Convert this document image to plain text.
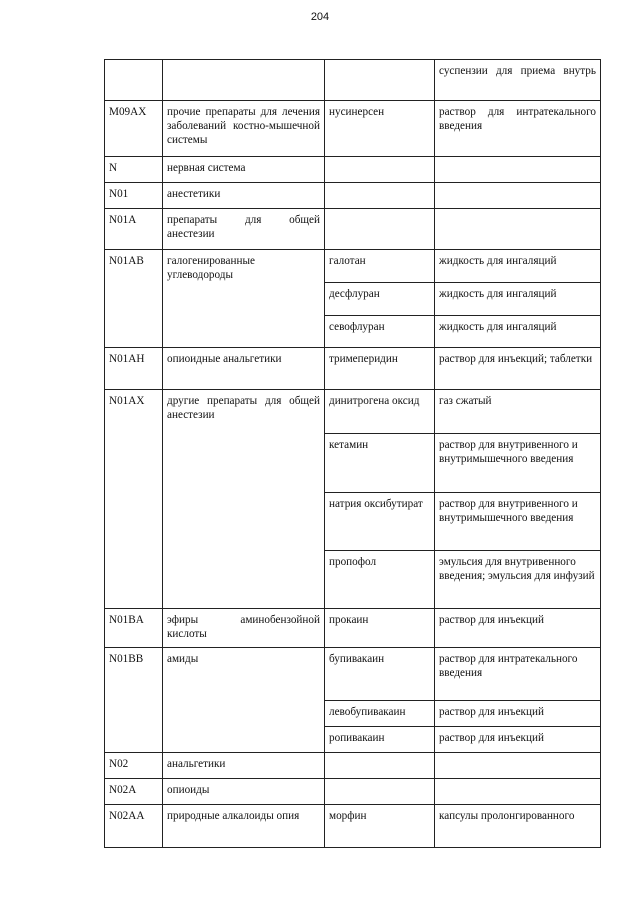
204
			суспензии для приема внутрь
M09AX	прочие препараты для лечения заболеваний костно-мышечной системы	нусинерсен	раствор для интратекального введения
N	нервная система		
N01	анестетики		
N01A	препараты для общей анестезии		
N01AB	галогенированные углеводороды	галотан	жидкость для ингаляций
		десфлуран	жидкость для ингаляций
		севофлуран	жидкость для ингаляций
N01AH	опиоидные анальгетики	тримеперидин	раствор для инъекций; таблетки
N01AX	другие препараты для общей анестезии	динитрогена оксид	газ сжатый
		кетамин	раствор для внутривенного и внутримышечного введения
		натрия оксибутират	раствор для внутривенного и внутримышечного введения
		пропофол	эмульсия для внутривенного введения; эмульсия для инфузий
N01BA	эфиры аминобензойной кислоты	прокаин	раствор для инъекций
N01BB	амиды	бупивакаин	раствор для интратекального введения
		левобупивакаин	раствор для инъекций
		ропивакаин	раствор для инъекций
N02	анальгетики		
N02A	опиоиды		
N02AA	природные алкалоиды опия	морфин	капсулы пролонгированного
